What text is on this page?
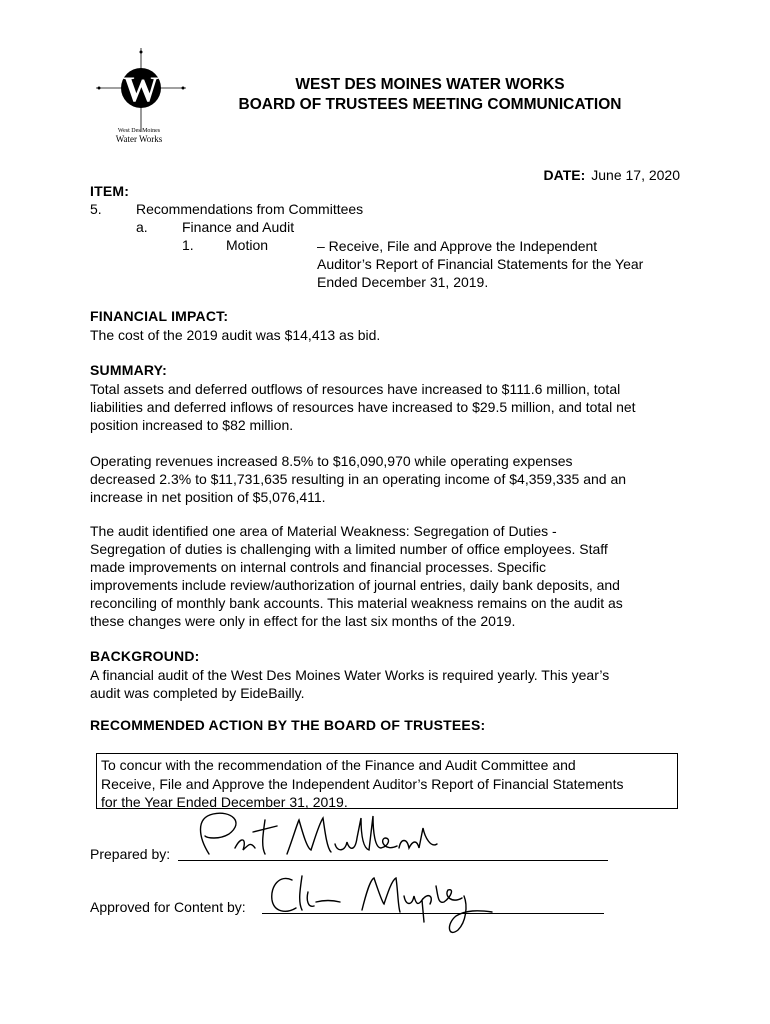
W
West Des Moines
Water Works
WEST DES MOINES WATER WORKS
BOARD OF TRUSTEES MEETING COMMUNICATION
DATE: June 17, 2020
ITEM:
5. Recommendations from Committees
a. Finance and Audit
1. Motion	– Receive, File and Approve the Independent
Auditor’s Report of Financial Statements for the Year
Ended December 31, 2019.
FINANCIAL IMPACT:
The cost of the 2019 audit was $14,413 as bid.
SUMMARY:
Total assets and deferred outflows of resources have increased to $111.6 million, total
liabilities and deferred inflows of resources have increased to $29.5 million, and total net
position increased to $82 million.
Operating revenues increased 8.5% to $16,090,970 while operating expenses
decreased 2.3% to $11,731,635 resulting in an operating income of $4,359,335 and an
increase in net position of $5,076,411.
The audit identified one area of Material Weakness: Segregation of Duties -
Segregation of duties is challenging with a limited number of office employees. Staff
made improvements on internal controls and financial processes. Specific
improvements include review/authorization of journal entries, daily bank deposits, and
reconciling of monthly bank accounts. This material weakness remains on the audit as
these changes were only in effect for the last six months of the 2019.
BACKGROUND:
A financial audit of the West Des Moines Water Works is required yearly. This year’s
audit was completed by EideBailly.
RECOMMENDED ACTION BY THE BOARD OF TRUSTEES:
To concur with the recommendation of the Finance and Audit Committee and
Receive, File and Approve the Independent Auditor’s Report of Financial Statements
for the Year Ended December 31, 2019.
Prepared by:
Approved for Content by:
